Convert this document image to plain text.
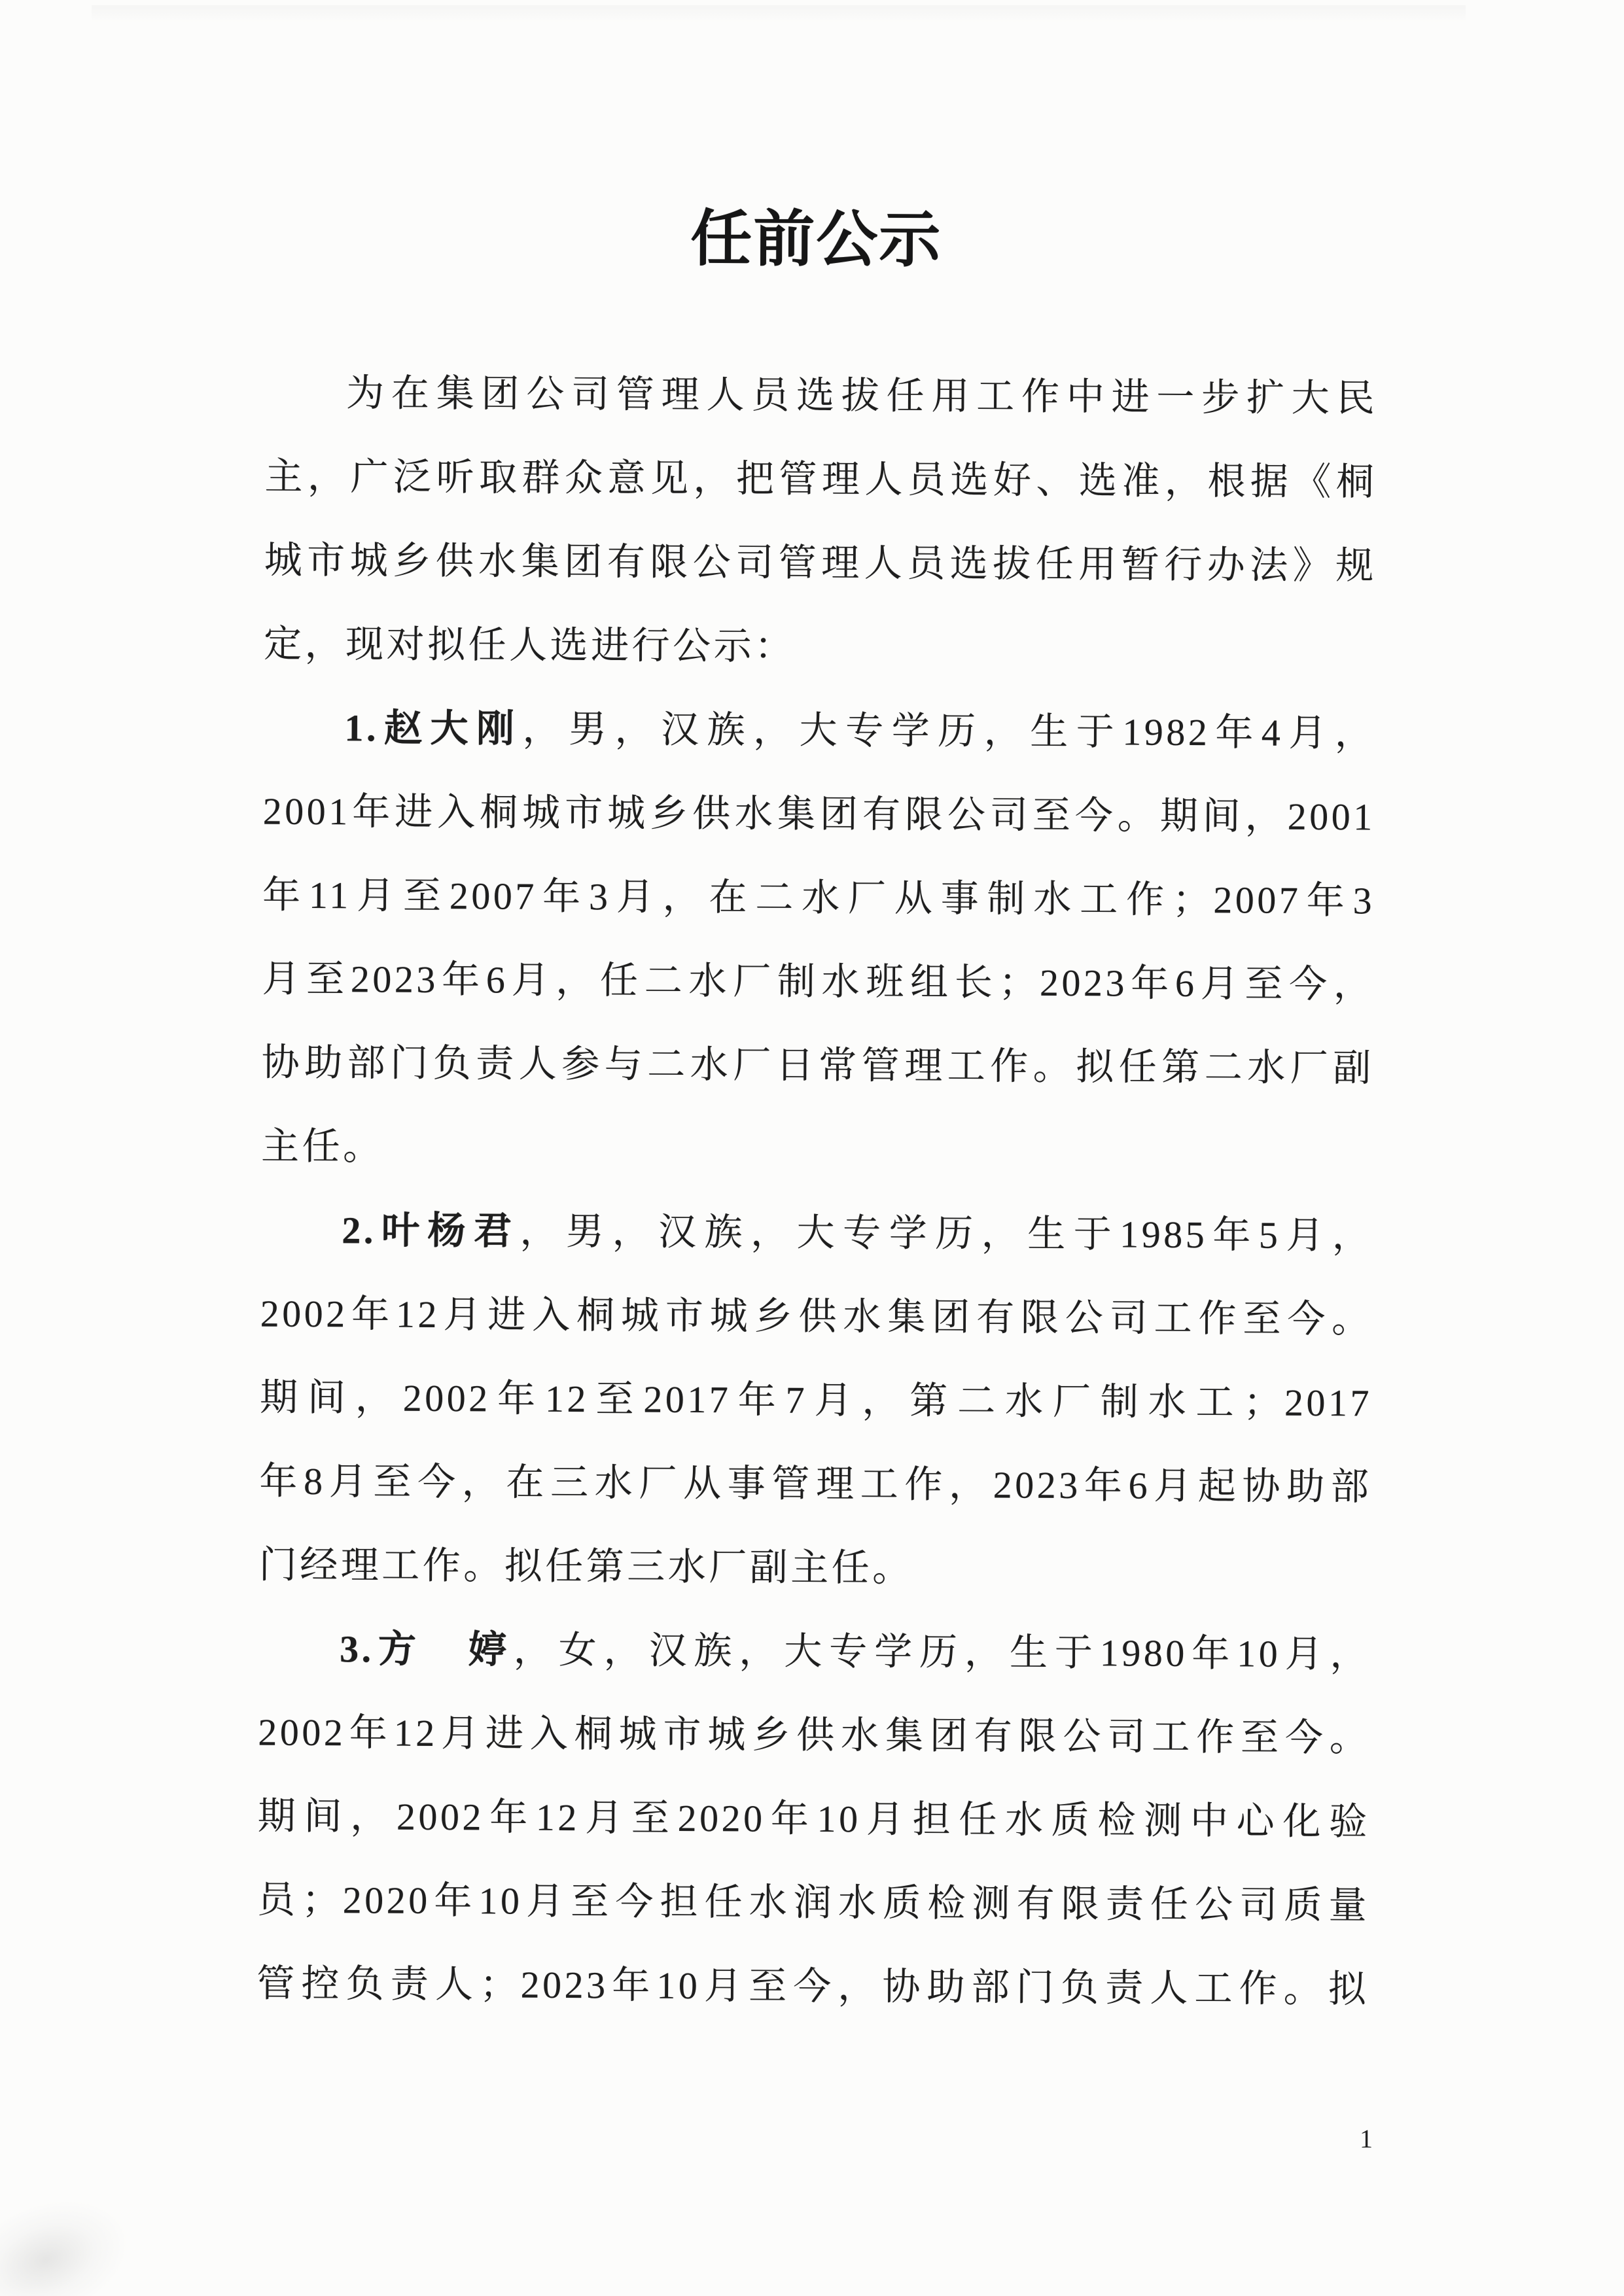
任前公示
为在集团公司管理人员选拔任用工作中进一步扩大民
主，广泛听取群众意见，把管理人员选好、选准，根据《桐
城市城乡供水集团有限公司管理人员选拔任用暂行办法》规
定，现对拟任人选进行公示：
1.赵大刚，男，汉族，大专学历，生于1982年4月，
2001年进入桐城市城乡供水集团有限公司至今。期间，2001
年11月至2007年3月，在二水厂从事制水工作；2007年3
月至2023年6月，任二水厂制水班组长；2023年6月至今，
协助部门负责人参与二水厂日常管理工作。拟任第二水厂副
主任。
2.叶杨君，男，汉族，大专学历，生于1985年5月，
2002年12月进入桐城市城乡供水集团有限公司工作至今。
期间，2002年12至2017年7月，第二水厂制水工；2017
年8月至今，在三水厂从事管理工作，2023年6月起协助部
门经理工作。拟任第三水厂副主任。
3.方　婷，女，汉族，大专学历，生于1980年10月，
2002年12月进入桐城市城乡供水集团有限公司工作至今。
期间，2002年12月至2020年10月担任水质检测中心化验
员；2020年10月至今担任水润水质检测有限责任公司质量
管控负责人；2023年10月至今，协助部门负责人工作。拟
1
